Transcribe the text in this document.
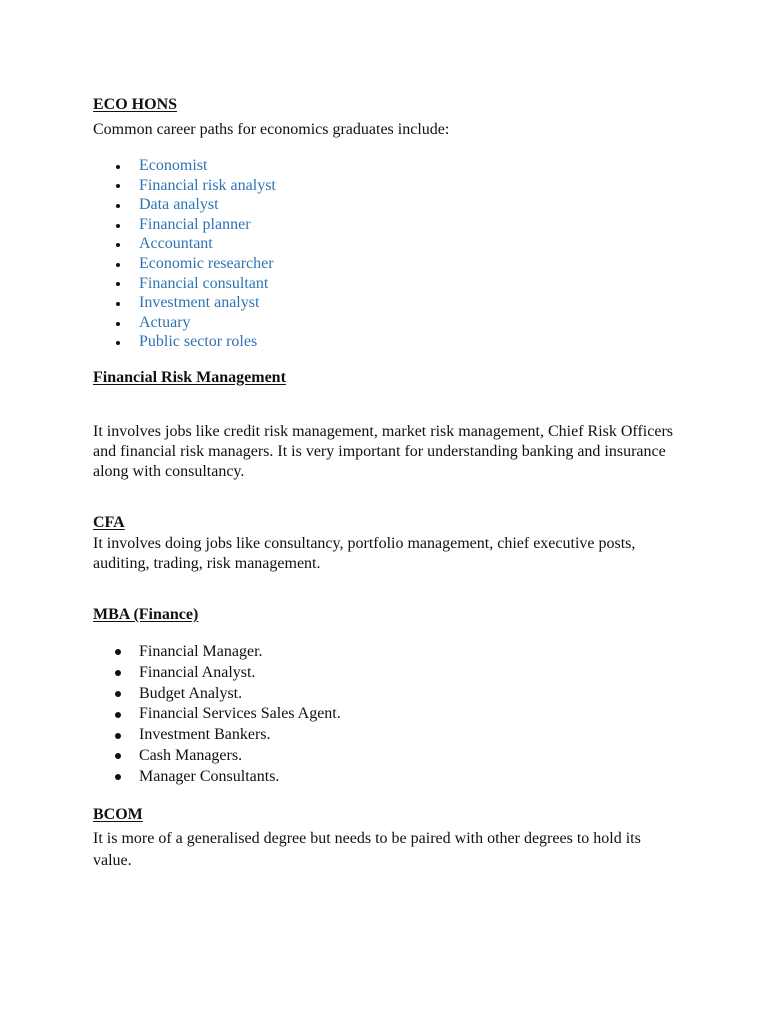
ECO HONS

Common career paths for economics graduates include:

Economist
Financial risk analyst
Data analyst
Financial planner
Accountant
Economic researcher
Financial consultant
Investment analyst
Actuary
Public sector roles
Financial Risk Management

It involves jobs like credit risk management, market risk management, Chief Risk Officers and financial risk managers. It is very important for understanding banking and insurance along with consultancy.

CFA

It involves doing jobs like consultancy, portfolio management, chief executive posts, auditing, trading, risk management.

MBA (Finance)
Financial Manager.
Financial Analyst.
Budget Analyst.
Financial Services Sales Agent.
Investment Bankers.
Cash Managers.
Manager Consultants.
BCOM

It is more of a generalised degree but needs to be paired with other degrees to hold its value.
